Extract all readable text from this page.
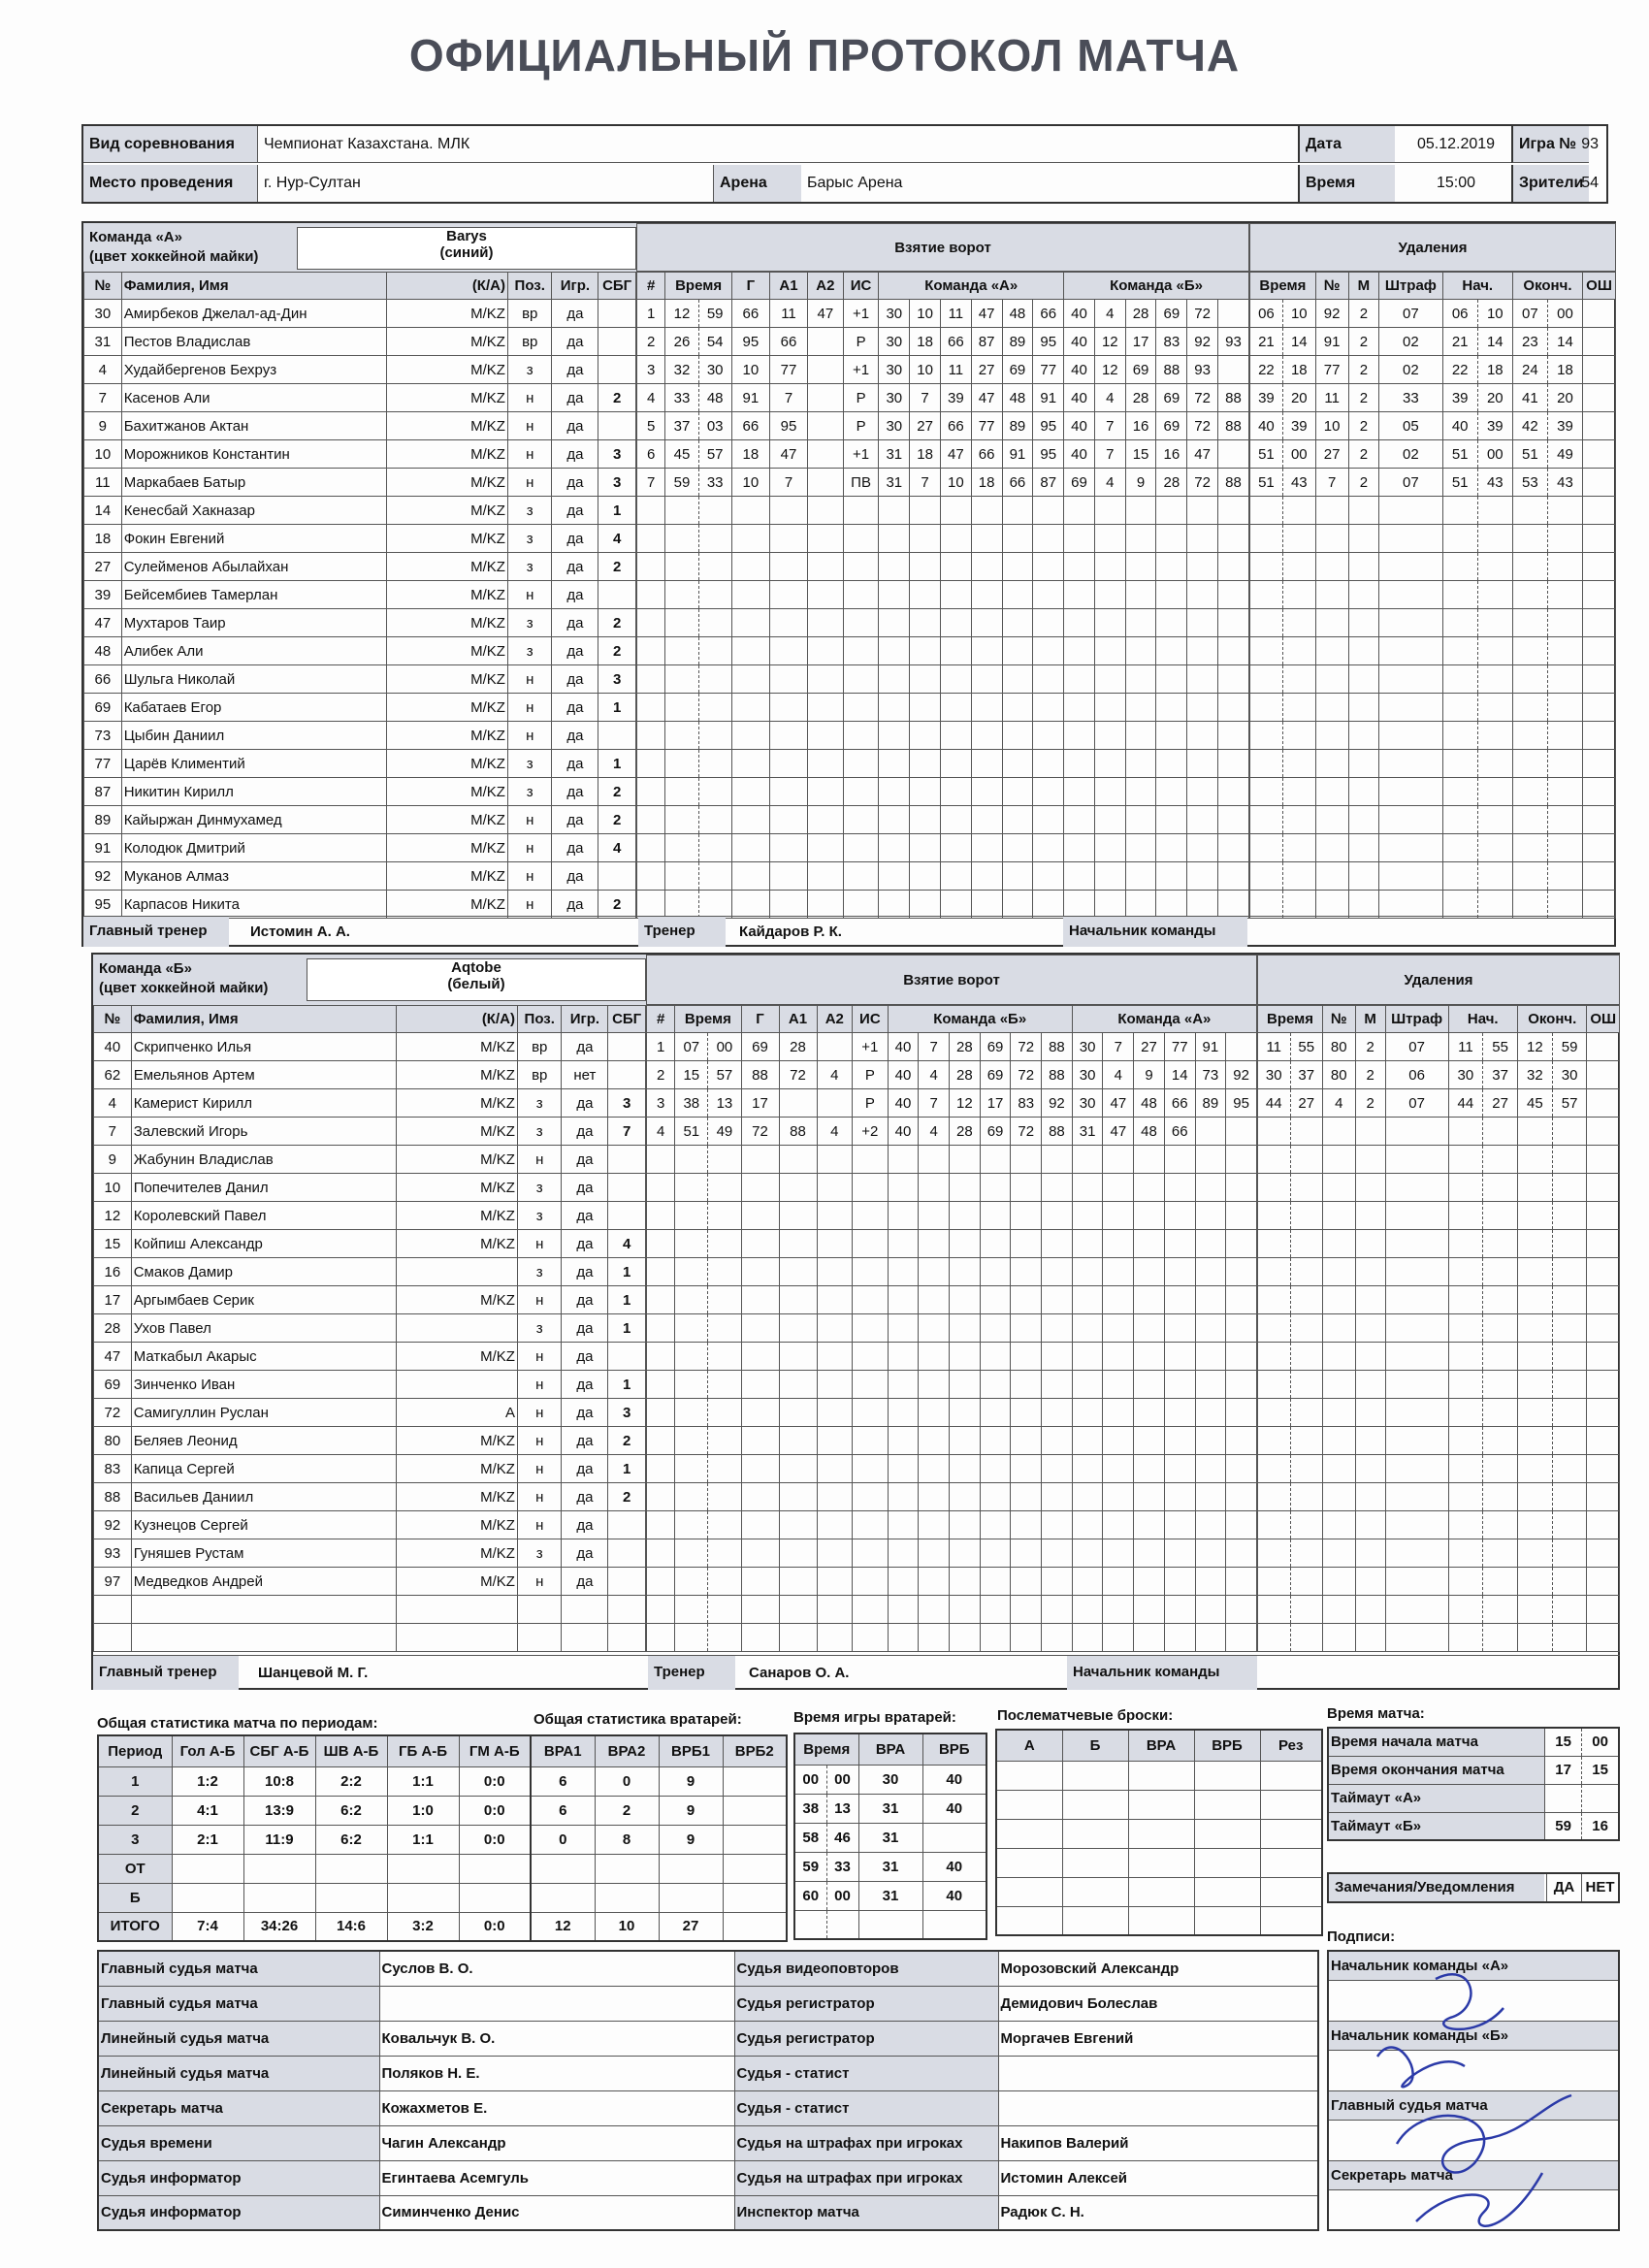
ОФИЦИАЛЬНЫЙ ПРОТОКОЛ МАТЧА
Вид соревнования	Чемпионат Казахстана. МЛК
Место проведения	г. Нур-Султан	Арена	Барыс Арена
Дата	05.12.2019
Время	15:00
Игра № 93
Зрители
54
Команда «А»
(цвет хоккейной майки)
Barys
(синий)	Взятие ворот	Удаления
№	Фамилия, Имя	(К/А)	Поз.	Игр.	СБГ
30	Амирбеков Джелал-ад-Дин	M/KZ	вр	да	
31	Пестов Владислав	M/KZ	вр	да	
4	Худайбергенов Бехруз	M/KZ	з	да	
7	Касенов Али	M/KZ	н	да	2
9	Бахитжанов Актан	M/KZ	н	да	
10	Морожников Константин	M/KZ	н	да	3
11	Маркабаев Батыр	M/KZ	н	да	3
14	Кенесбай Хакназар	M/KZ	з	да	1
18	Фокин Евгений	M/KZ	з	да	4
27	Сулейменов Абылайхан	M/KZ	з	да	2
39	Бейсембиев Тамерлан	M/KZ	н	да	
47	Мухтаров Таир	M/KZ	з	да	2
48	Алибек Али	M/KZ	з	да	2
66	Шульга Николай	M/KZ	н	да	3
69	Кабатаев Егор	M/KZ	н	да	1
73	Цыбин Даниил	M/KZ	н	да	
77	Царёв Климентий	M/KZ	з	да	1
87	Никитин Кирилл	M/KZ	з	да	2
89	Кайыржан Динмухамед	M/KZ	н	да	2
91	Колодюк Дмитрий	M/KZ	н	да	4
92	Муканов Алмаз	M/KZ	н	да	
95	Карпасов Никита	M/KZ	н	да	2
#	Время		Г	А1	А2	ИС	Команда «А»						Команда «Б»					
1	12	59	66	11	47	+1	30	10	11	47	48	66	40	4	28	69	72	
2	26	54	95	66		Р	30	18	66	87	89	95	40	12	17	83	92	93
3	32	30	10	77		+1	30	10	11	27	69	77	40	12	69	88	93	
4	33	48	91	7		Р	30	7	39	47	48	91	40	4	28	69	72	88
5	37	03	66	95		Р	30	27	66	77	89	95	40	7	16	69	72	88
6	45	57	18	47		+1	31	18	47	66	91	95	40	7	15	16	47	
7	59	33	10	7		ПВ	31	7	10	18	66	87	69	4	9	28	72	88

Время		№	М	Штраф	Нач.		Оконч.		ОШ
06	10	92	2	07	06	10	07	00	
21	14	91	2	02	21	14	23	14	
22	18	77	2	02	22	18	24	18	
39	20	11	2	33	39	20	41	20	
40	39	10	2	05	40	39	42	39	
51	00	27	2	02	51	00	51	49	
51	43	7	2	07	51	43	53	43	

Главный тренер	Истомин А. А.	Тренер	Кайдаров Р. К.	Начальник команды
Команда «Б»
(цвет хоккейной майки)
Aqtobe
(белый)	Взятие ворот	Удаления
№	Фамилия, Имя	(К/А)	Поз.	Игр.	СБГ
40	Скрипченко Илья	M/KZ	вр	да	
62	Емельянов Артем	M/KZ	вр	нет	
4	Камерист Кирилл	M/KZ	з	да	3
7	Залевский Игорь	M/KZ	з	да	7
9	Жабунин Владислав	M/KZ	н	да	
10	Попечителев Данил	M/KZ	з	да	
12	Королевский Павел	M/KZ	з	да	
15	Койпиш Александр	M/KZ	н	да	4
16	Смаков Дамир		з	да	1
17	Аргымбаев Серик	M/KZ	н	да	1
28	Ухов Павел		з	да	1
47	Маткабыл Акарыс	M/KZ	н	да	
69	Зинченко Иван		н	да	1
72	Самигуллин Руслан	А	н	да	3
80	Беляев Леонид	M/KZ	н	да	2
83	Капица Сергей	M/KZ	н	да	1
88	Васильев Даниил	M/KZ	н	да	2
92	Кузнецов Сергей	M/KZ	н	да	
93	Гуняшев Рустам	M/KZ	з	да	
97	Медведков Андрей	M/KZ	н	да	

#	Время		Г	А1	А2	ИС	Команда «Б»						Команда «А»					
1	07	00	69	28		+1	40	7	28	69	72	88	30	7	27	77	91	
2	15	57	88	72	4	Р	40	4	28	69	72	88	30	4	9	14	73	92
3	38	13	17			Р	40	7	12	17	83	92	30	47	48	66	89	95
4	51	49	72	88	4	+2	40	4	28	69	72	88	31	47	48	66		

Время		№	М	Штраф	Нач.		Оконч.		ОШ
11	55	80	2	07	11	55	12	59	
30	37	80	2	06	30	37	32	30	
44	27	4	2	07	44	27	45	57	

Главный тренер	Шанцевой М. Г.	Тренер	Санаров О. А.	Начальник команды
Общая статистика матча по периодам:	Общая статистика вратарей:	Время игры вратарей:	Послематчевые броски:	Время матча:
Период	Гол А-Б	СБГ А-Б	ШВ А-Б	ГБ А-Б	ГМ А-Б
1	1:2	10:8	2:2	1:1	0:0
2	4:1	13:9	6:2	1:0	0:0
3	2:1	11:9	6:2	1:1	0:0
ОТ					
Б					
ИТОГО	7:4	34:26	14:6	3:2	0:0
ВРА1	ВРА2	ВРБ1	ВРБ2
6	0	9	
6	2	9	
0	8	9	

12	10	27	
Время		ВРА	ВРБ
00	00	30	40
38	13	31	40
58	46	31	
59	33	31	40
60	00	31	40

А	Б	ВРА	ВРБ	Рез

				Время начала матча	15	00
Время окончания матча	17	15
Таймаут «А»		
Таймаут «Б»	59	16
Замечания/Уведомления	ДА НЕТ
Подписи:
Главный судья матча	Суслов В. О.	Судья видеоповторов	Морозовский Александр
Главный судья матча		Судья регистратор	Демидович Болеслав
Линейный судья матча	Ковальчук В. О.	Судья регистратор	Моргачев Евгений
Линейный судья матча	Поляков Н. Е.	Судья - статист	
Секретарь матча	Кожахметов Е.	Судья - статист	
Судья времени	Чагин Александр	Судья на штрафах при игроках	Накипов Валерий
Судья информатор	Егинтаева Асемгуль	Судья на штрафах при игроках	Истомин Алексей
Судья информатор	Симинченко Денис	Инспектор матча	Радюк С. Н.
Начальник команды «А»

Начальник команды «Б»

Главный судья матча

Секретарь матча
